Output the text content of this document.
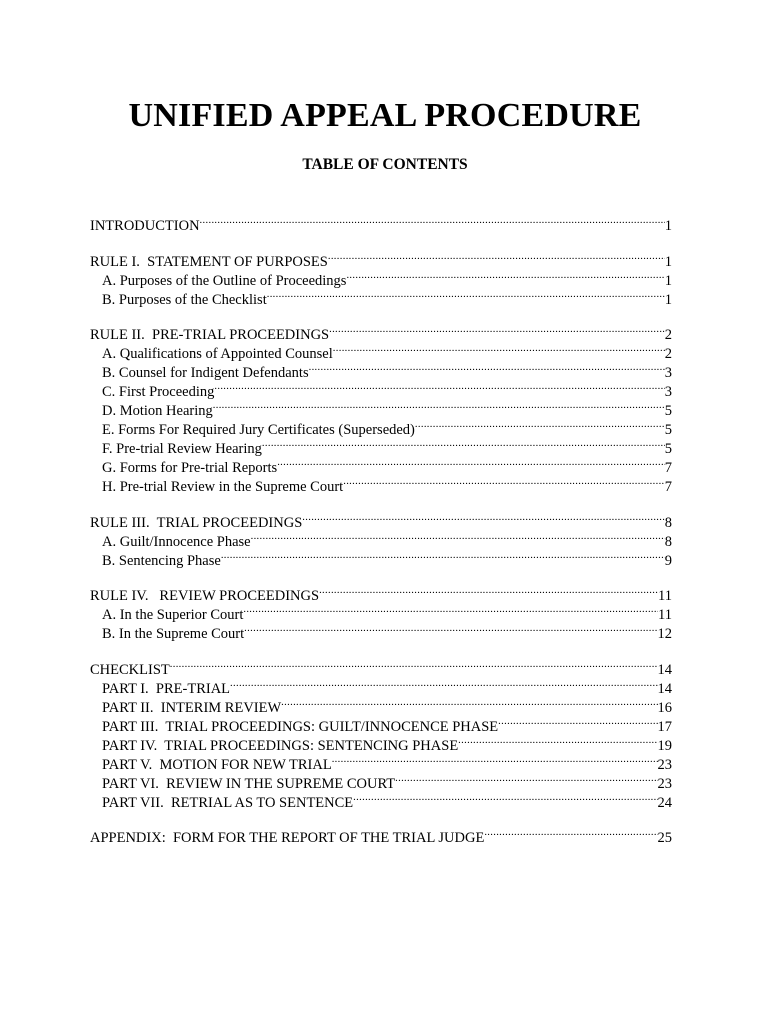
UNIFIED APPEAL PROCEDURE
TABLE OF CONTENTS
INTRODUCTION .....	1
RULE I.  STATEMENT OF PURPOSES .....	1
A. Purposes of the Outline of Proceedings .....	1
B. Purposes of the Checklist .....	1
RULE II.  PRE-TRIAL PROCEEDINGS .....	2
A. Qualifications of Appointed Counsel .....	2
B. Counsel for Indigent Defendants .....	3
C. First Proceeding .....	3
D. Motion Hearing .....	5
E. Forms For Required Jury Certificates (Superseded) .....	5
F. Pre-trial Review Hearing .....	5
G. Forms for Pre-trial Reports .....	7
H. Pre-trial Review in the Supreme Court .....	7
RULE III.  TRIAL PROCEEDINGS .....	8
A. Guilt/Innocence Phase .....	8
B. Sentencing Phase .....	9
RULE IV.   REVIEW PROCEEDINGS .....	11
A. In the Superior Court .....	11
B. In the Supreme Court .....	12
CHECKLIST .....	14
PART I.  PRE-TRIAL .....	14
PART II.  INTERIM REVIEW .....	16
PART III.  TRIAL PROCEEDINGS: GUILT/INNOCENCE PHASE .....	17
PART IV.  TRIAL PROCEEDINGS: SENTENCING PHASE .....	19
PART V.  MOTION FOR NEW TRIAL .....	23
PART VI.  REVIEW IN THE SUPREME COURT .....	23
PART VII.  RETRIAL AS TO SENTENCE .....	24
APPENDIX:  FORM FOR THE REPORT OF THE TRIAL JUDGE .....	25
